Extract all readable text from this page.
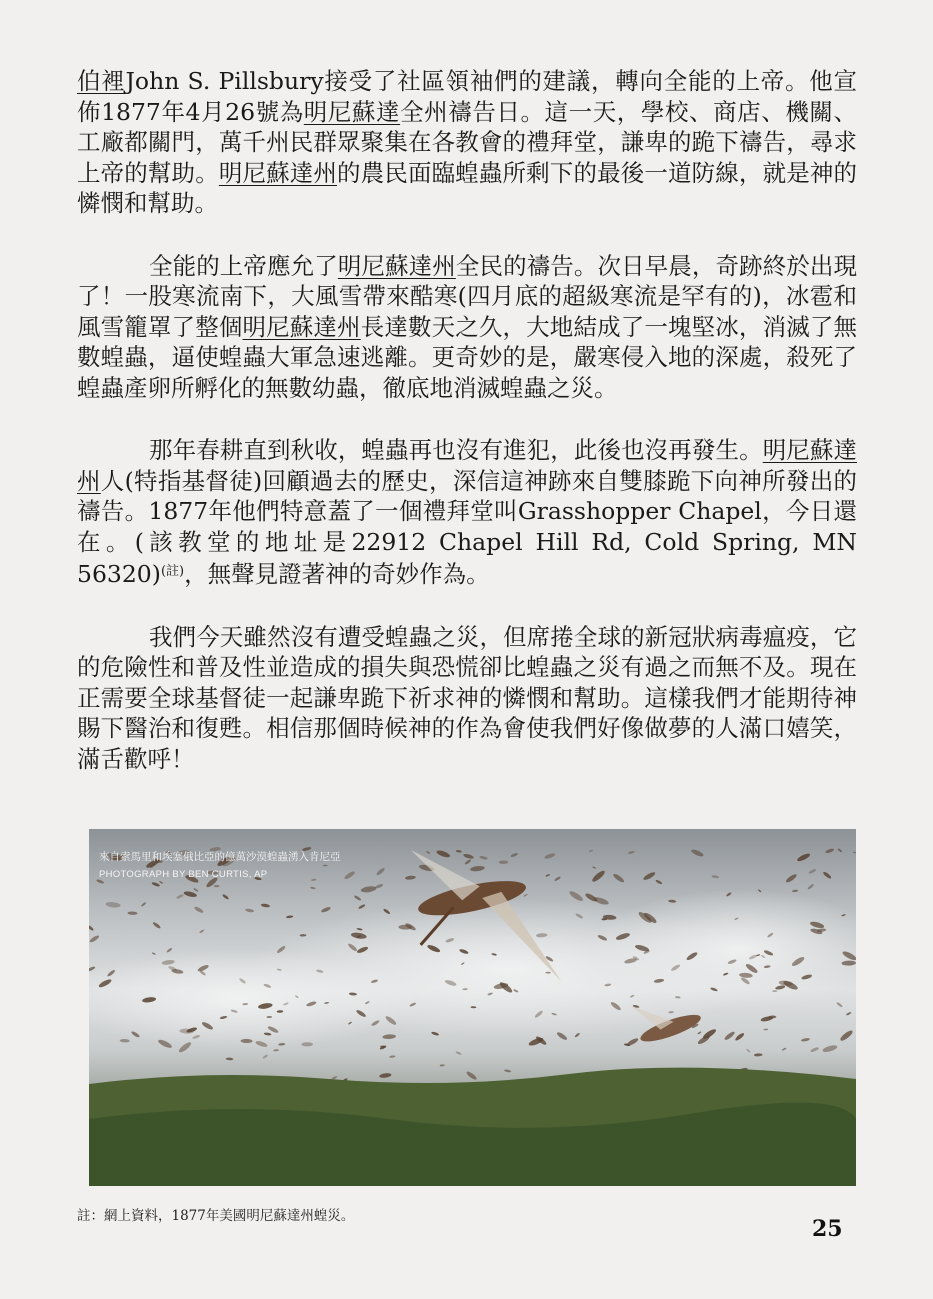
伯裡John S. Pillsbury接受了社區領袖們的建議，轉向全能的上帝。他宣佈1877年4月26號為明尼蘇達全州禱告日。這一天，學校、商店、機關、工廠都關門，萬千州民群眾聚集在各教會的禮拜堂，謙卑的跪下禱告，尋求上帝的幫助。明尼蘇達州的農民面臨蝗蟲所剩下的最後一道防線，就是神的憐憫和幫助。

全能的上帝應允了明尼蘇達州全民的禱告。次日早晨，奇跡終於出現了！一股寒流南下，大風雪帶來酷寒(四月底的超級寒流是罕有的)，冰雹和風雪籠罩了整個明尼蘇達州長達數天之久，大地結成了一塊堅冰，消滅了無數蝗蟲，逼使蝗蟲大軍急速逃離。更奇妙的是，嚴寒侵入地的深處，殺死了蝗蟲產卵所孵化的無數幼蟲，徹底地消滅蝗蟲之災。

那年春耕直到秋收，蝗蟲再也沒有進犯，此後也沒再發生。明尼蘇達州人(特指基督徒)回顧過去的歷史，深信這神跡來自雙膝跪下向神所發出的禱告。1877年他們特意蓋了一個禮拜堂叫Grasshopper Chapel，今日還在。(該教堂的地址是22912 Chapel Hill Rd, Cold Spring, MN 56320)$^{(註)}$，無聲見證著神的奇妙作為。

我們今天雖然沒有遭受蝗蟲之災，但席捲全球的新冠狀病毒瘟疫，它的危險性和普及性並造成的損失與恐慌卻比蝗蟲之災有過之而無不及。現在正需要全球基督徒一起謙卑跪下祈求神的憐憫和幫助。這樣我們才能期待神賜下醫治和復甦。相信那個時候神的作為會使我們好像做夢的人滿口嬉笑，滿舌歡呼！

來自索馬里和埃塞俄比亞的億萬沙漠蝗蟲湧入肯尼亞
PHOTOGRAPH BY BEN CURTIS, AP
註：網上資料，1877年美國明尼蘇達州蝗災。	25
